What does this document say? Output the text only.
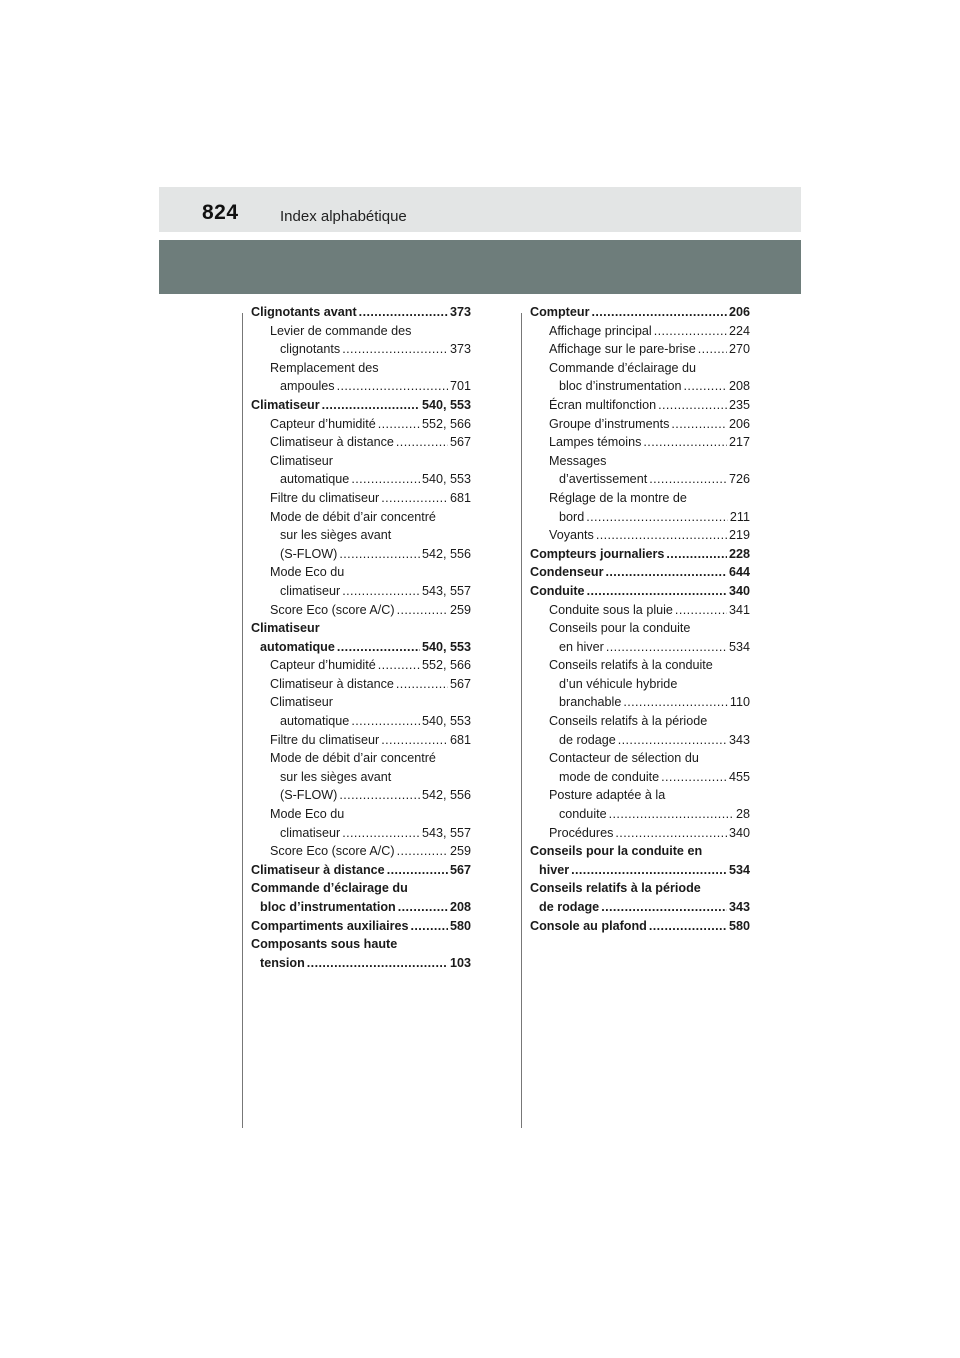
824	Index alphabétique
Clignotants avant .....	373
Levier de commande des
clignotants .....	373
Remplacement des
ampoules .....	701
Climatiseur .....	540, 553
Capteur d’humidité .....	552, 566
Climatiseur à distance .....	567
Climatiseur
automatique .....	540, 553
Filtre du climatiseur .....	681
Mode de débit d’air concentré
sur les sièges avant
(S-FLOW) .....	542, 556
Mode Eco du
climatiseur .....	543, 557
Score Eco (score A/C) .....	259
Climatiseur
automatique .....	540, 553
Capteur d’humidité .....	552, 566
Climatiseur à distance .....	567
Climatiseur
automatique .....	540, 553
Filtre du climatiseur .....	681
Mode de débit d’air concentré
sur les sièges avant
(S-FLOW) .....	542, 556
Mode Eco du
climatiseur .....	543, 557
Score Eco (score A/C) .....	259
Climatiseur à distance .....	567
Commande d’éclairage du
bloc d’instrumentation .....	208
Compartiments auxiliaires .....	580
Composants sous haute
tension .....	103
Compteur .....	206
Affichage principal .....	224
Affichage sur le pare-brise .....	270
Commande d’éclairage du
bloc d’instrumentation .....	208
Écran multifonction .....	235
Groupe d’instruments .....	206
Lampes témoins .....	217
Messages
d’avertissement .....	726
Réglage de la montre de
bord .....	211
Voyants .....	219
Compteurs journaliers .....	228
Condenseur .....	644
Conduite .....	340
Conduite sous la pluie .....	341
Conseils pour la conduite
en hiver .....	534
Conseils relatifs à la conduite
d’un véhicule hybride
branchable .....	110
Conseils relatifs à la période
de rodage .....	343
Contacteur de sélection du
mode de conduite .....	455
Posture adaptée à la
conduite .....	28
Procédures .....	340
Conseils pour la conduite en
hiver .....	534
Conseils relatifs à la période
de rodage .....	343
Console au plafond .....	580
